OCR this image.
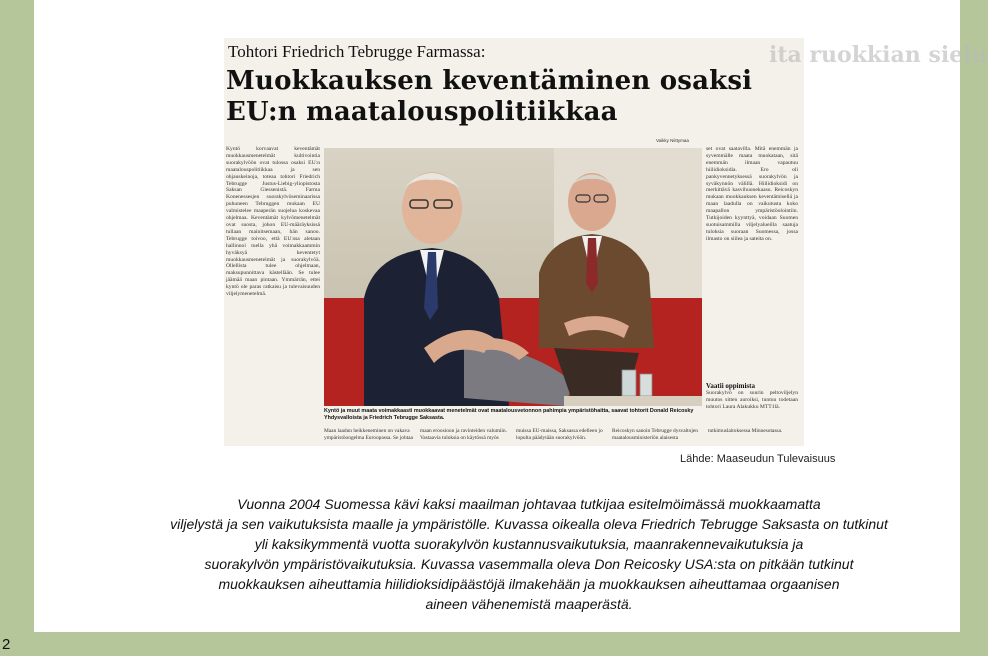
Tohtori Friedrich Tebrugge Farmassa:
Muokkauksen keventäminen osaksi EU:n maatalouspolitiikkaa
ita ruokkian sielu
Kyntö korvaavat keventämät muokkausmenetelmät kultivointia suorakylvöön ovat tulossa osaksi EU:n maatalouspolitiikkaa ja sen ohjauskeinoja, toteaa tohtori Friedrich Tebrugge Justus-Liebig-yliopistosta Saksan Giessenistä. Farma Konenessesjen suorakylvöseminaarissa puhuneen Tebruggen mukaan EU valmistelee maaperän suojelua koskevaa ohjelmaa. Keventämät kylvömenetelmät ovat suosta, johon EU-määräyksissä tullaan mainitsemaan, hän sanoo. Tebrugge toivoo, että EU:ssa aletaan hallinnoi tuella yhä voimakkaammin hyväksyä keventetyt muokkausmenetelmät ja suorakylvöä. Ollellista tulee ohjelmaan, maksupunnittava kästellään. Se tulee jäämää maan pintaan. Ymmärrän, ettei kyntö ole paras ratkaisu ja tulevaisuuden viljelymenetelmä.
Vaikky Niittymaa
Kyntö ja muut maata voimakkaasti muokkaavat menetelmät ovat maatalousvetonnon pahimpia ympäristöhaitta, saavat tohtorit Donald Reicosky Yhdysvalloista ja Friedrich Tebrugge Saksasta.
Maan laadun heikkeneminen on vakava ympäristöongelma Euroopassa. Se johtaa maan eroosioon ja ravinteiden valumiin. Vastaavia tuloksia on käytössä myös muissa EU-maissa, Saksassa edelleen jo lopulta päädytään suorakylvöön. Reicoskyn sanoin Tebrugge dysvaltojen maatalousministeriön alaisesta tutkimuslaitoksessa Minnesotassa.
set ovat saatavilla. Mitä enemmän ja syvemmälle maata muokataan, sitä enemmän ilmaan vapautuu hiilidioksidia. Ero oli pankyvennetyksessä suorakylvön ja syväkynnön välillä. Hiilidioksidi on merkittävä kasvihuonekaasu. Reicoskyn mukaan muokkauksen keventämisellä ja maan laadulla on vaikutusta koko maapallon ympäristöolointiin. Tutkijoiden kyynttyä, voidaan Suomen suotuisammilla viljelyalueilla saatuja tuloksia suoraan Suomessa, jossa ilmasto on siilea ja sateita on.
Vaatii oppimista
Suorakylvö on suurin peltoviljelyn muutos sitten auroiksi, tuntuu todetaan tohtori Laura Alakukku MTT:llä.
Lähde: Maaseudun Tulevaisuus
Vuonna 2004 Suomessa kävi kaksi maailman johtavaa tutkijaa esitelmöimässä muokkaamatta
viljelystä ja sen vaikutuksista maalle ja ympäristölle. Kuvassa oikealla oleva Friedrich Tebrugge Saksasta on tutkinut
yli kaksikymmentä vuotta suorakylvön kustannusvaikutuksia, maanrakennevaikutuksia ja
suorakylvön ympäristövaikutuksia. Kuvassa vasemmalla oleva Don Reicosky USA:sta on pitkään tutkinut
muokkauksen aiheuttamia hiilidioksidipäästöjä ilmakehään ja muokkauksen aiheuttamaa orgaanisen
aineen vähenemistä maaperästä.
2
